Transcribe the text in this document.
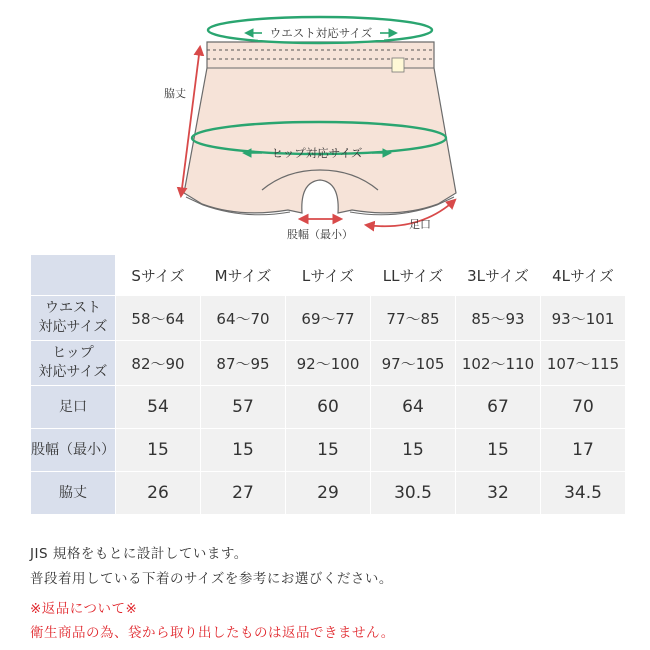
ウエスト対応サイズ
ヒップ対応サイズ
脇丈
股幅（最小）
足口
	Sサイズ	Mサイズ	Lサイズ	LLサイズ	3Lサイズ	4Lサイズ
ウエスト
対応サイズ	58〜64	64〜70	69〜77	77〜85	85〜93	93〜101
ヒップ
対応サイズ	82〜90	87〜95	92〜100	97〜105	102〜110	107〜115
足口	54	57	60	64	67	70
股幅（最小）	15	15	15	15	15	17
脇丈	26	27	29	30.5	32	34.5
JIS 規格をもとに設計しています。
普段着用している下着のサイズを参考にお選びください。
※返品について※
衛生商品の為、袋から取り出したものは返品できません。
